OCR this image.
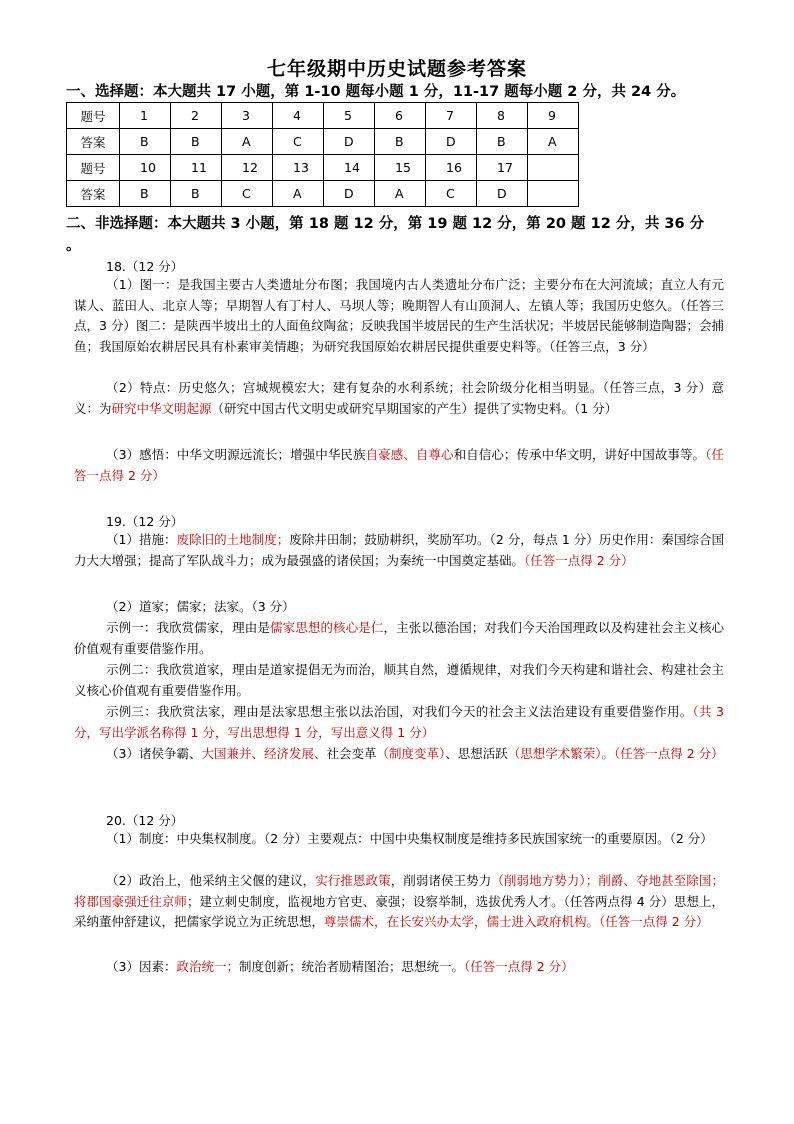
七年级期中历史试题参考答案
一、选择题：本大题共 17 小题，第 1-10 题每小题 1 分，11-17 题每小题 2 分，共 24 分。
题号	1	2	3	4	5	6	7	8	9
答案	B	B	A	C	D	B	D	B	A
题号	10	11	12	13	14	15	16	17	
答案	B	B	C	A	D	A	C	D	
二、非选择题：本大题共 3 小题，第 18 题 12 分，第 19 题 12 分，第 20 题 12 分，共 36 分
。
18.（12 分）
（1）图一：是我国主要古人类遗址分布图；我国境内古人类遗址分布广泛；主要分布在大河流域；直立人有元谋人、蓝田人、北京人等；早期智人有丁村人、马坝人等；晚期智人有山顶洞人、左镇人等；我国历史悠久。（任答三点，3 分）图二：是陕西半坡出土的人面鱼纹陶盆；反映我国半坡居民的生产生活状况；半坡居民能够制造陶器；会捕鱼；我国原始农耕居民具有朴素审美情趣；为研究我国原始农耕居民提供重要史料等。（任答三点，3 分）
（2）特点：历史悠久；宫城规模宏大；建有复杂的水利系统；社会阶级分化相当明显。（任答三点，3 分）意义：为研究中华文明起源（研究中国古代文明史或研究早期国家的产生）提供了实物史料。（1 分）
（3）感悟：中华文明源远流长；增强中华民族自豪感、自尊心和自信心；传承中华文明，讲好中国故事等。（任答一点得 2 分）
19.（12 分）
（1）措施：废除旧的土地制度；废除井田制；鼓励耕织，奖励军功。（2 分，每点 1 分）历史作用：秦国综合国力大大增强；提高了军队战斗力；成为最强盛的诸侯国；为秦统一中国奠定基础。（任答一点得 2 分）
（2）道家；儒家；法家。（3 分）
示例一：我欣赏儒家，理由是儒家思想的核心是仁，主张以德治国；对我们今天治国理政以及构建社会主义核心价值观有重要借鉴作用。
示例二：我欣赏道家，理由是道家提倡无为而治，顺其自然，遵循规律，对我们今天构建和谐社会、构建社会主义核心价值观有重要借鉴作用。
示例三：我欣赏法家，理由是法家思想主张以法治国，对我们今天的社会主义法治建设有重要借鉴作用。（共 3 分，写出学派名称得 1 分，写出思想得 1 分，写出意义得 1 分）
（3）诸侯争霸、大国兼并、经济发展、社会变革（制度变革）、思想活跃（思想学术繁荣）。（任答一点得 2 分）
20.（12 分）
（1）制度：中央集权制度。（2 分）主要观点：中国中央集权制度是维持多民族国家统一的重要原因。（2 分）
（2）政治上，他采纳主父偃的建议，实行推恩政策，削弱诸侯王势力（削弱地方势力）；削爵、夺地甚至除国；将郡国豪强迁往京师；建立刺史制度，监视地方官吏、豪强；设察举制，选拔优秀人才。（任答两点得 4 分）思想上，采纳董仲舒建议，把儒家学说立为正统思想，尊崇儒术，在长安兴办太学，儒士进入政府机构。（任答一点得 2 分）
（3）因素：政治统一；制度创新；统治者励精图治；思想统一。（任答一点得 2 分）
